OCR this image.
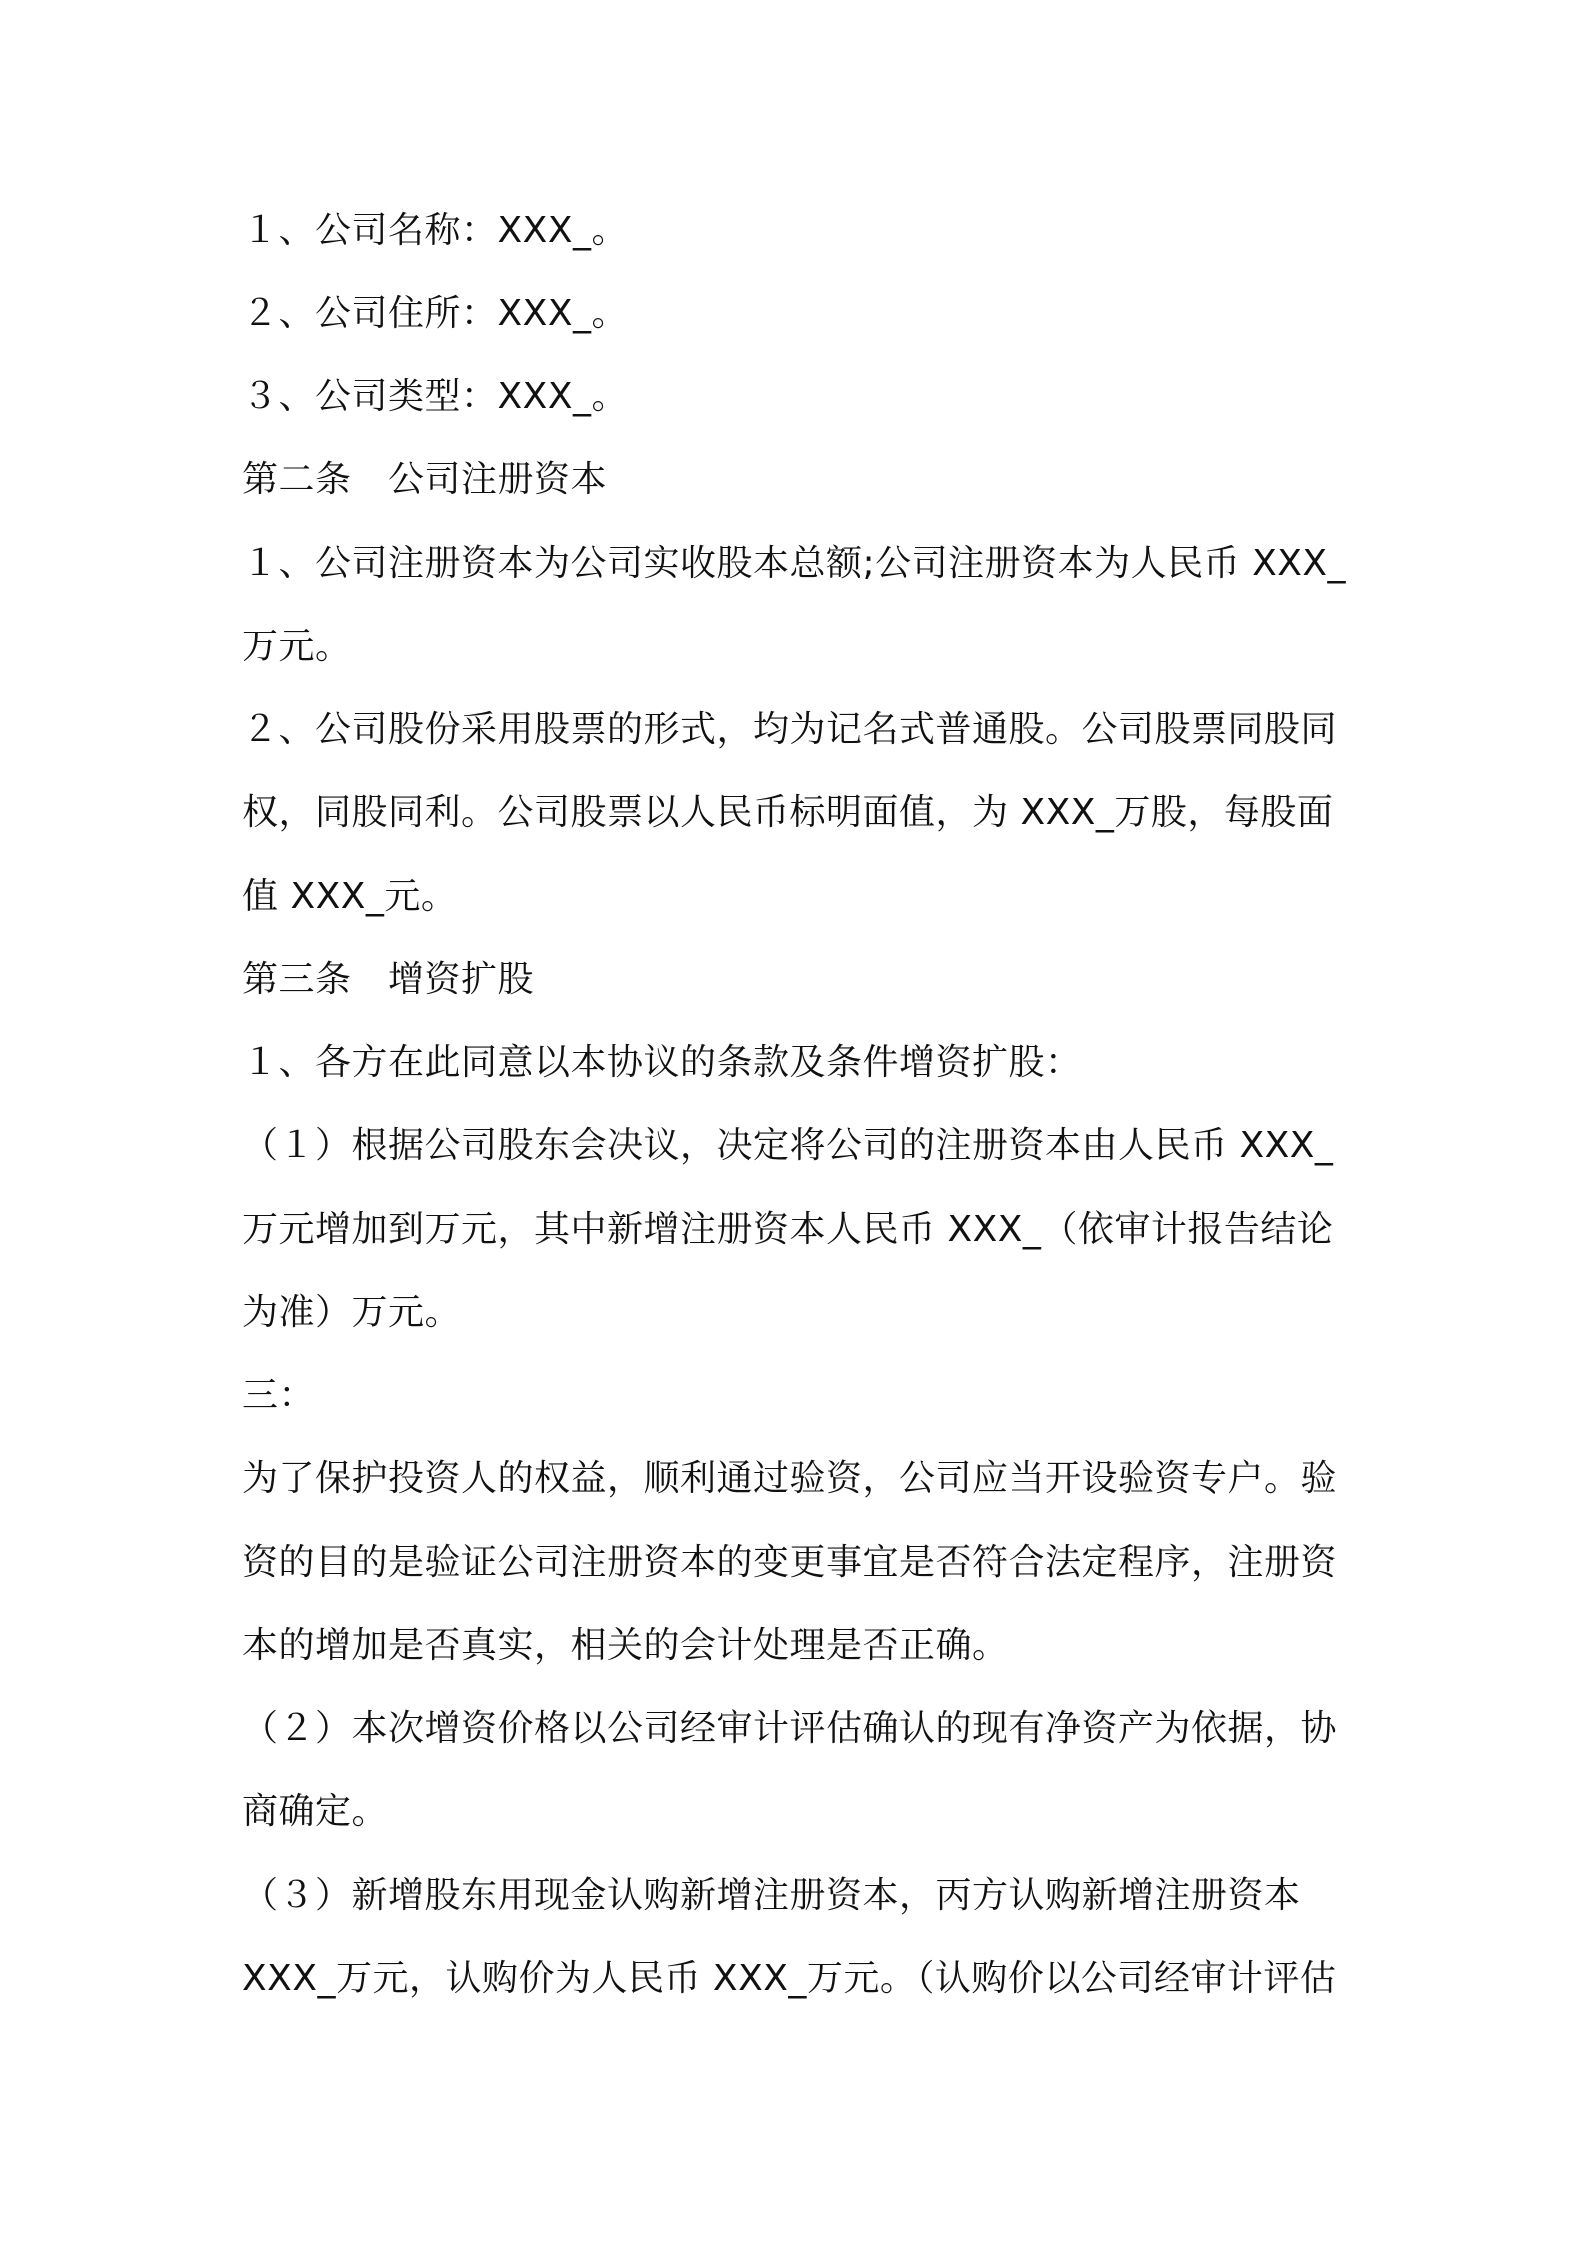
１、公司名称：XXX_。
２、公司住所：XXX_。
３、公司类型：XXX_。
第二条　公司注册资本
１、公司注册资本为公司实收股本总额;公司注册资本为人民币 XXX_
万元。
２、公司股份采用股票的形式，均为记名式普通股。公司股票同股同
权，同股同利。公司股票以人民币标明面值，为 XXX_万股，每股面
值 XXX_元。
第三条　增资扩股
１、各方在此同意以本协议的条款及条件增资扩股：
（１）根据公司股东会决议，决定将公司的注册资本由人民币 XXX_
万元增加到万元，其中新增注册资本人民币 XXX_（依审计报告结论
为准）万元。
三：
为了保护投资人的权益，顺利通过验资，公司应当开设验资专户。验
资的目的是验证公司注册资本的变更事宜是否符合法定程序，注册资
本的增加是否真实，相关的会计处理是否正确。
（２）本次增资价格以公司经审计评估确认的现有净资产为依据，协
商确定。
（３）新增股东用现金认购新增注册资本，丙方认购新增注册资本
XXX_万元，认购价为人民币 XXX_万元。（认购价以公司经审计评估
